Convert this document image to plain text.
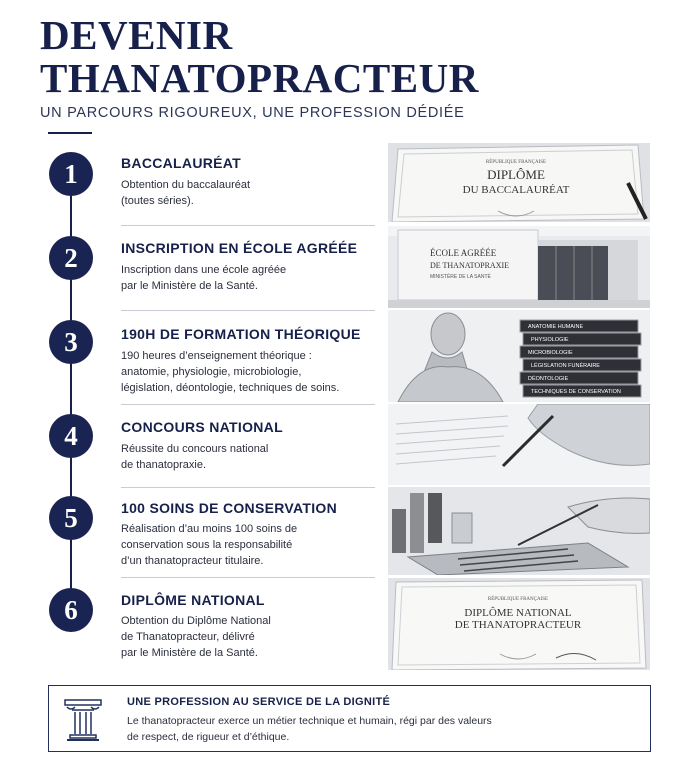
DEVENIR
THANATOPRACTEUR
UN PARCOURS RIGOUREUX, UNE PROFESSION DÉDIÉE
1	BACCALAURÉAT
Obtention du baccalauréat
(toutes séries).
RÉPUBLIQUE FRANÇAISE
DIPLÔME
DU BACCALAURÉAT
2	INSCRIPTION EN ÉCOLE AGRÉÉE
Inscription dans une école agréée
par le Ministère de la Santé.
ÉCOLE AGRÉÉE
DE THANATOPRAXIE
MINISTÈRE DE LA SANTÉ
3	190H DE FORMATION THÉORIQUE
190 heures d’enseignement théorique :
anatomie, physiologie, microbiologie,
législation, déontologie, techniques de soins.
ANATOMIE HUMAINE
PHYSIOLOGIE
MICROBIOLOGIE
LÉGISLATION FUNÉRAIRE
DÉONTOLOGIE
TECHNIQUES DE CONSERVATION
4	CONCOURS NATIONAL
Réussite du concours national
de thanatopraxie.
5	100 SOINS DE CONSERVATION
Réalisation d’au moins 100 soins de
conservation sous la responsabilité
d’un thanatopracteur titulaire.
6	DIPLÔME NATIONAL
Obtention du Diplôme National
de Thanatopracteur, délivré
par le Ministère de la Santé.
RÉPUBLIQUE FRANÇAISE
DIPLÔME NATIONAL
DE THANATOPRACTEUR
UNE PROFESSION AU SERVICE DE LA DIGNITÉ
Le thanatopracteur exerce un métier technique et humain, régi par des valeurs
de respect, de rigueur et d’éthique.
